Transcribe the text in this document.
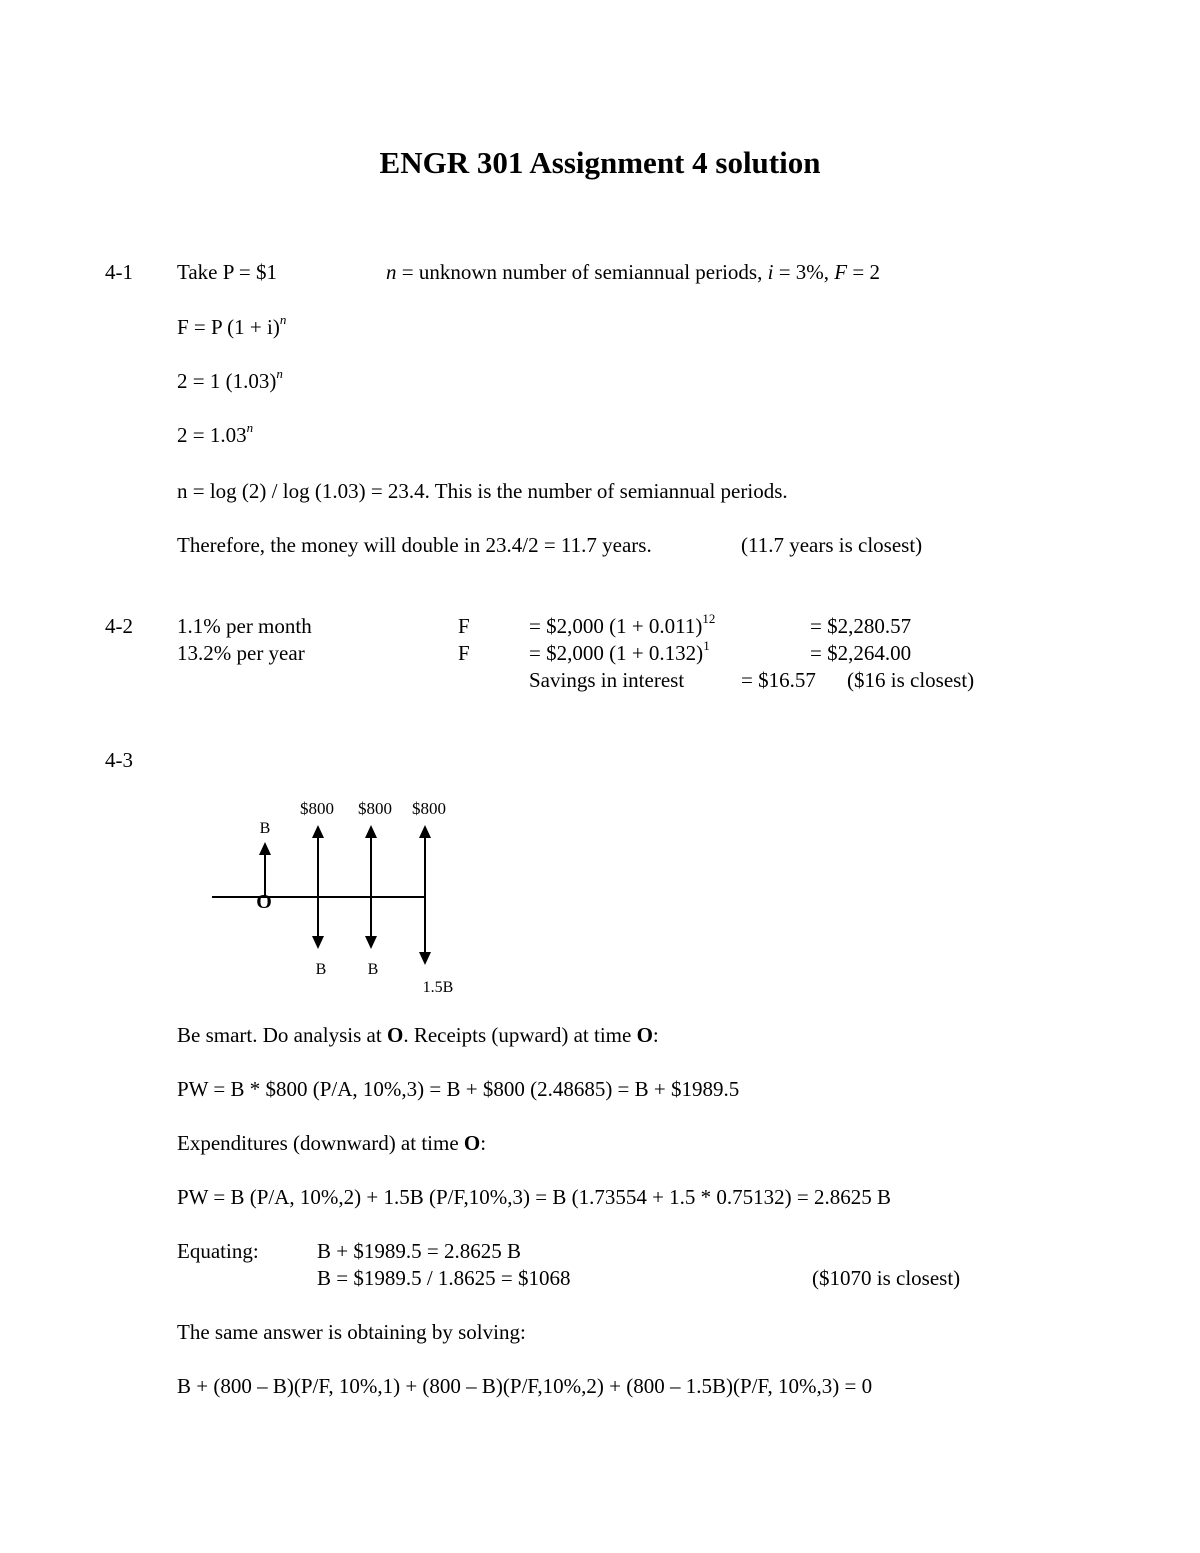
ENGR 301 Assignment 4 solution
4-1 Take P = $1	n = unknown number of semiannual periods, i = 3%, F = 2
F = P $(1 + i)^n$
2 = 1 $(1.03)^n$
$2 = 1.03^n$
n = log (2) / log (1.03) = 23.4. This is the number of semiannual periods.
Therefore, the money will double in 23.4/2 = 11.7 years.	(11.7 years is closest)
4-2 1.1% per month	F	= $2,000 $(1 + 0.011)^{12}$	= $2,280.57
13.2% per year	F	= $2,000 $(1 + 0.132)^1$	= $2,264.00
Savings in interest	= $16.57 ($16 is closest)
4-3
B
$800 $800 $800
O
B	B
1.5B
Be smart. Do analysis at O. Receipts (upward) at time O:
PW = B * $800 (P/A, 10%,3) = B + $800 (2.48685) = B + $1989.5
Expenditures (downward) at time O:
PW = B (P/A, 10%,2) + 1.5B (P/F,10%,3) = B (1.73554 + 1.5 * 0.75132) = 2.8625 B
Equating:	B + $1989.5 = 2.8625 B
B = $1989.5 / 1.8625 = $1068	($1070 is closest)
The same answer is obtaining by solving:
B + (800 – B)(P/F, 10%,1) + (800 – B)(P/F,10%,2) + (800 – 1.5B)(P/F, 10%,3) = 0
